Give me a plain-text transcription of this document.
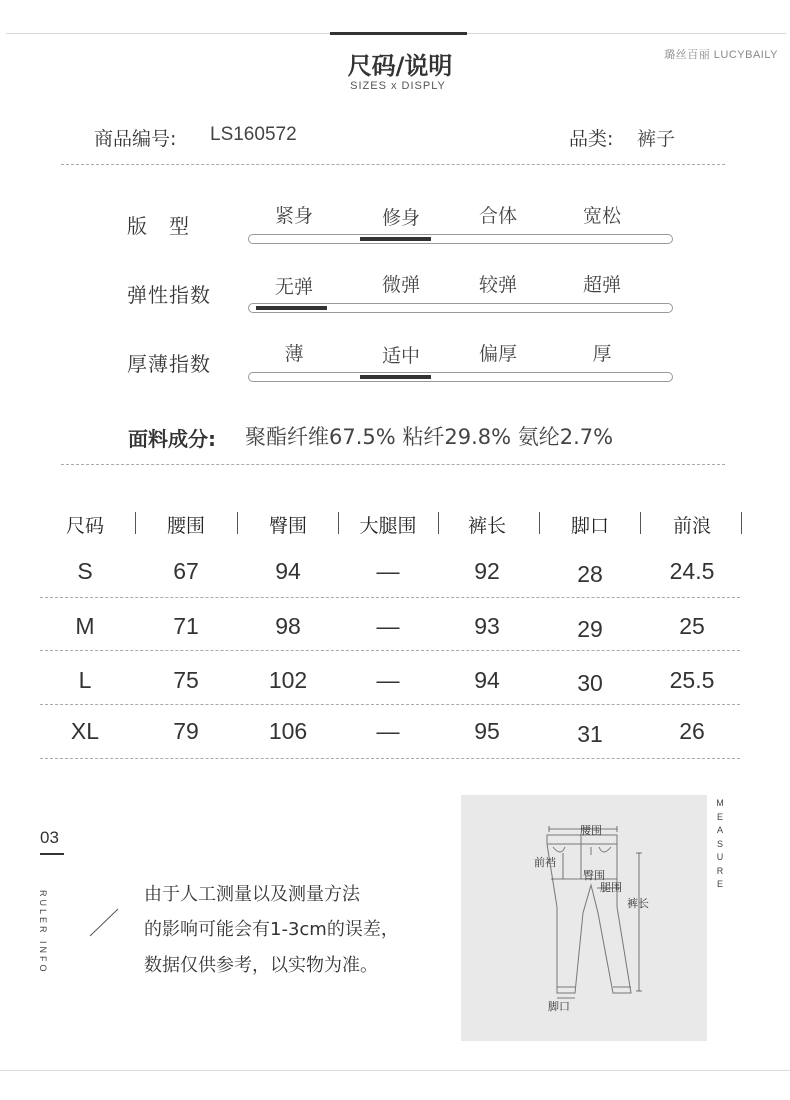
尺码/说明
SIZES x DISPLY
璐丝百丽 LUCYBAILY
商品编号: LS160572	品类: 裤子
版　型	紧身	修身	合体	宽松
弹性指数	无弹	微弹	较弹	超弹
厚薄指数	薄	适中	偏厚	厚
面料成分: 聚酯纤维67.5% 粘纤29.8% 氨纶2.7%
尺码	腰围	臀围	大腿围	裤长	脚口	前浪
S	67	94	—	92	28	24.5
M	71	98	—	93	29	25
L	75	102	—	94	30	25.5
XL	79	106	—	95	31	26
03
RULER INFO	由于人工测量以及测量方法
的影响可能会有1-3cm的误差，
数据仅供参考，以实物为准。
腰围
前裆
臀围
腿围
裤长
脚口
M
E
A
S
U
R
E
